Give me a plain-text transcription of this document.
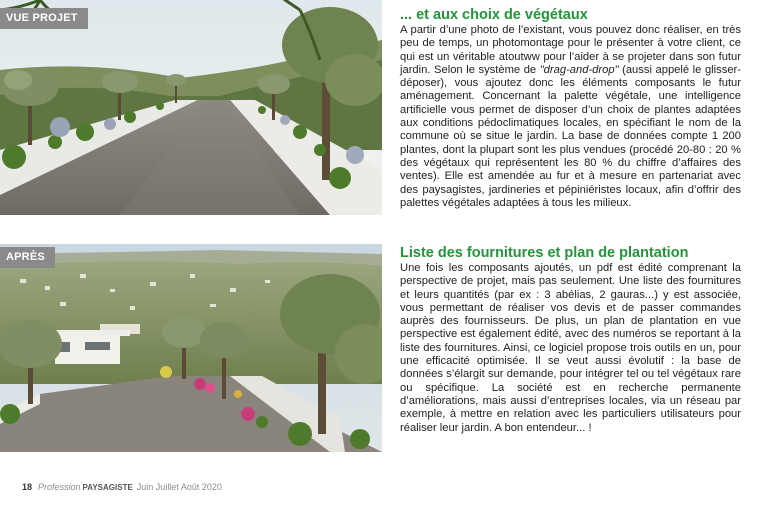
VUE PROJET
APRÈS
... et aux choix de végétaux

A partir d’une photo de l’existant, vous pouvez donc réaliser, en très peu de temps, un photomontage pour le présenter à votre client, ce qui est un véritable atoutww pour l’aider à se projeter dans son futur jardin. Selon le système de "drag-and-drop" (aussi appelé le glisser-déposer), vous ajoutez donc les éléments composants le futur aménagement. Concernant la palette végétale, une intelligence artificielle vous permet de disposer d’un choix de plantes adaptées aux conditions pédoclimatiques locales, en spécifiant le nom de la commune où se situe le jardin. La base de données compte 1 200 plantes, dont la plupart sont les plus vendues (procédé 20-80 : 20 % des végétaux qui représentent les 80 % du chiffre d’affaires des ventes). Elle est amendée au fur et à mesure en partenariat avec des paysagistes, jardineries et pépiniéristes locaux, afin d’offrir des palettes végétales adaptées à tous les milieux.

Liste des fournitures et plan de plantation

Une fois les composants ajoutés, un pdf est édité comprenant la perspective de projet, mais pas seulement. Une liste des fournitures et leurs quantités (par ex : 3 abélias, 2 gauras...) y est associée, vous permettant de réaliser vos devis et de passer commandes auprès des fournisseurs. De plus, un plan de plantation en vue perspective est également édité, avec des numéros se reportant à la liste des fournitures. Ainsi, ce logiciel propose trois outils en un, pour une efficacité optimisée. Il se veut aussi évolutif : la base de données s’élargit sur demande, pour intégrer tel ou tel végétaux rare ou spécifique. La société est en recherche permanente d’améliorations, mais aussi d’entreprises locales, via un réseau par exemple, à mettre en relation avec les particuliers utilisateurs pour réaliser leur jardin. A bon entendeur... !

18 Profession PAYSAGISTE Juin Juillet Août 2020
